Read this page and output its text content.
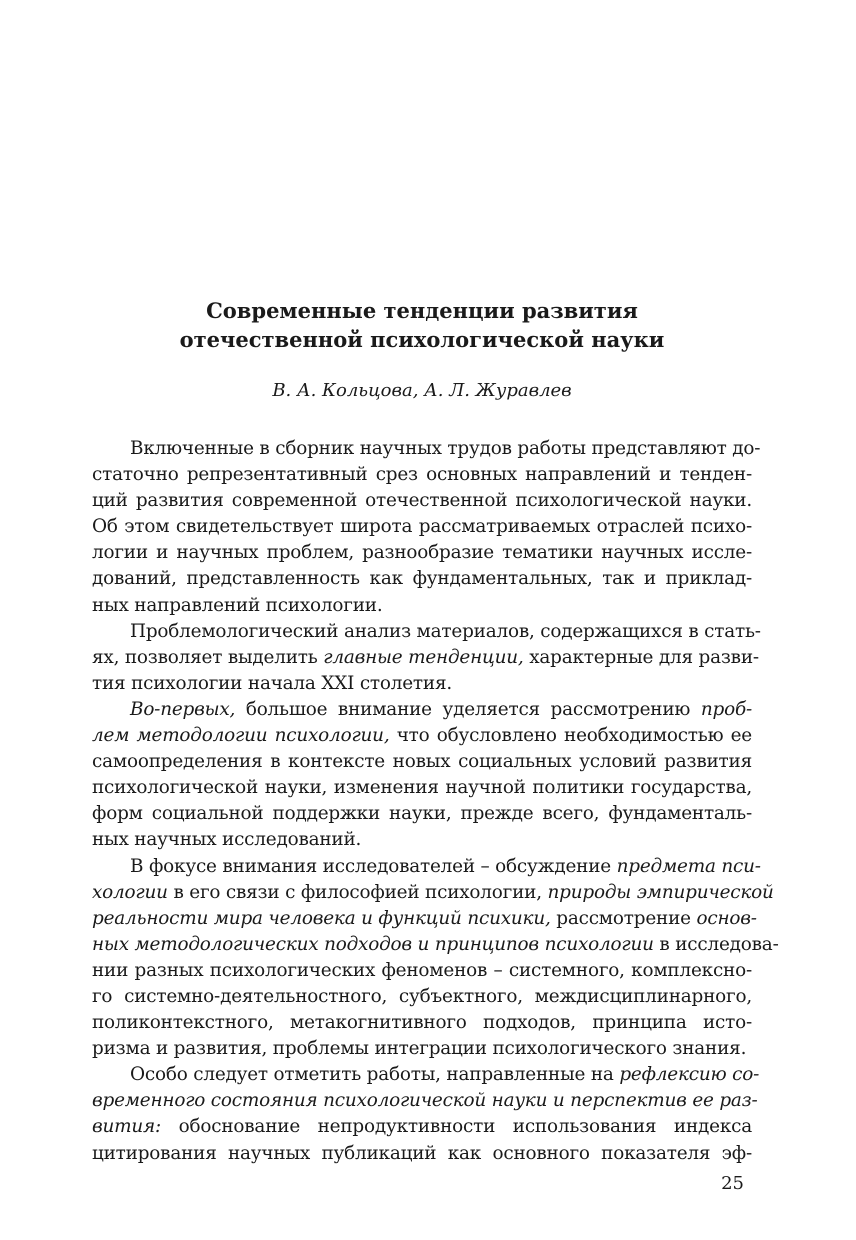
Современные тенденции развития
отечественной психологической науки

В. А. Кольцова, А. Л. Журавлев

Включенные в сборник научных трудов работы представляют до-
статочно репрезентативный срез основных направлений и тенден-
ций развития современной отечественной психологической науки.
Об этом свидетельствует широта рассматриваемых отраслей психо-
логии и научных проблем, разнообразие тематики научных иссле-
дований, представленность как фундаментальных, так и приклад-
ных направлений психологии.
Проблемологический анализ материалов, содержащихся в стать-
ях, позволяет выделить главные тенденции, характерные для разви-
тия психологии начала XXI столетия.
Во-первых, большое внимание уделяется рассмотрению проб-
лем методологии психологии, что обусловлено необходимостью ее
самоопределения в контексте новых социальных условий развития
психологической науки, изменения научной политики государства,
форм социальной поддержки науки, прежде всего, фундаменталь-
ных научных исследований.
В фокусе внимания исследователей – обсуждение предмета пси-
хологии в его связи с философией психологии, природы эмпирической
реальности мира человека и функций психики, рассмотрение основ-
ных методологических подходов и принципов психологии в исследова-
нии разных психологических феноменов – системного, комплексно-
го системно-деятельностного, субъектного, междисциплинарного,
поликонтекстного, метакогнитивного подходов, принципа исто-
ризма и развития, проблемы интеграции психологического знания.
Особо следует отметить работы, направленные на рефлексию со-
временного состояния психологической науки и перспектив ее раз-
вития: обоснование непродуктивности использования индекса
цитирования научных публикаций как основного показателя эф-
25
